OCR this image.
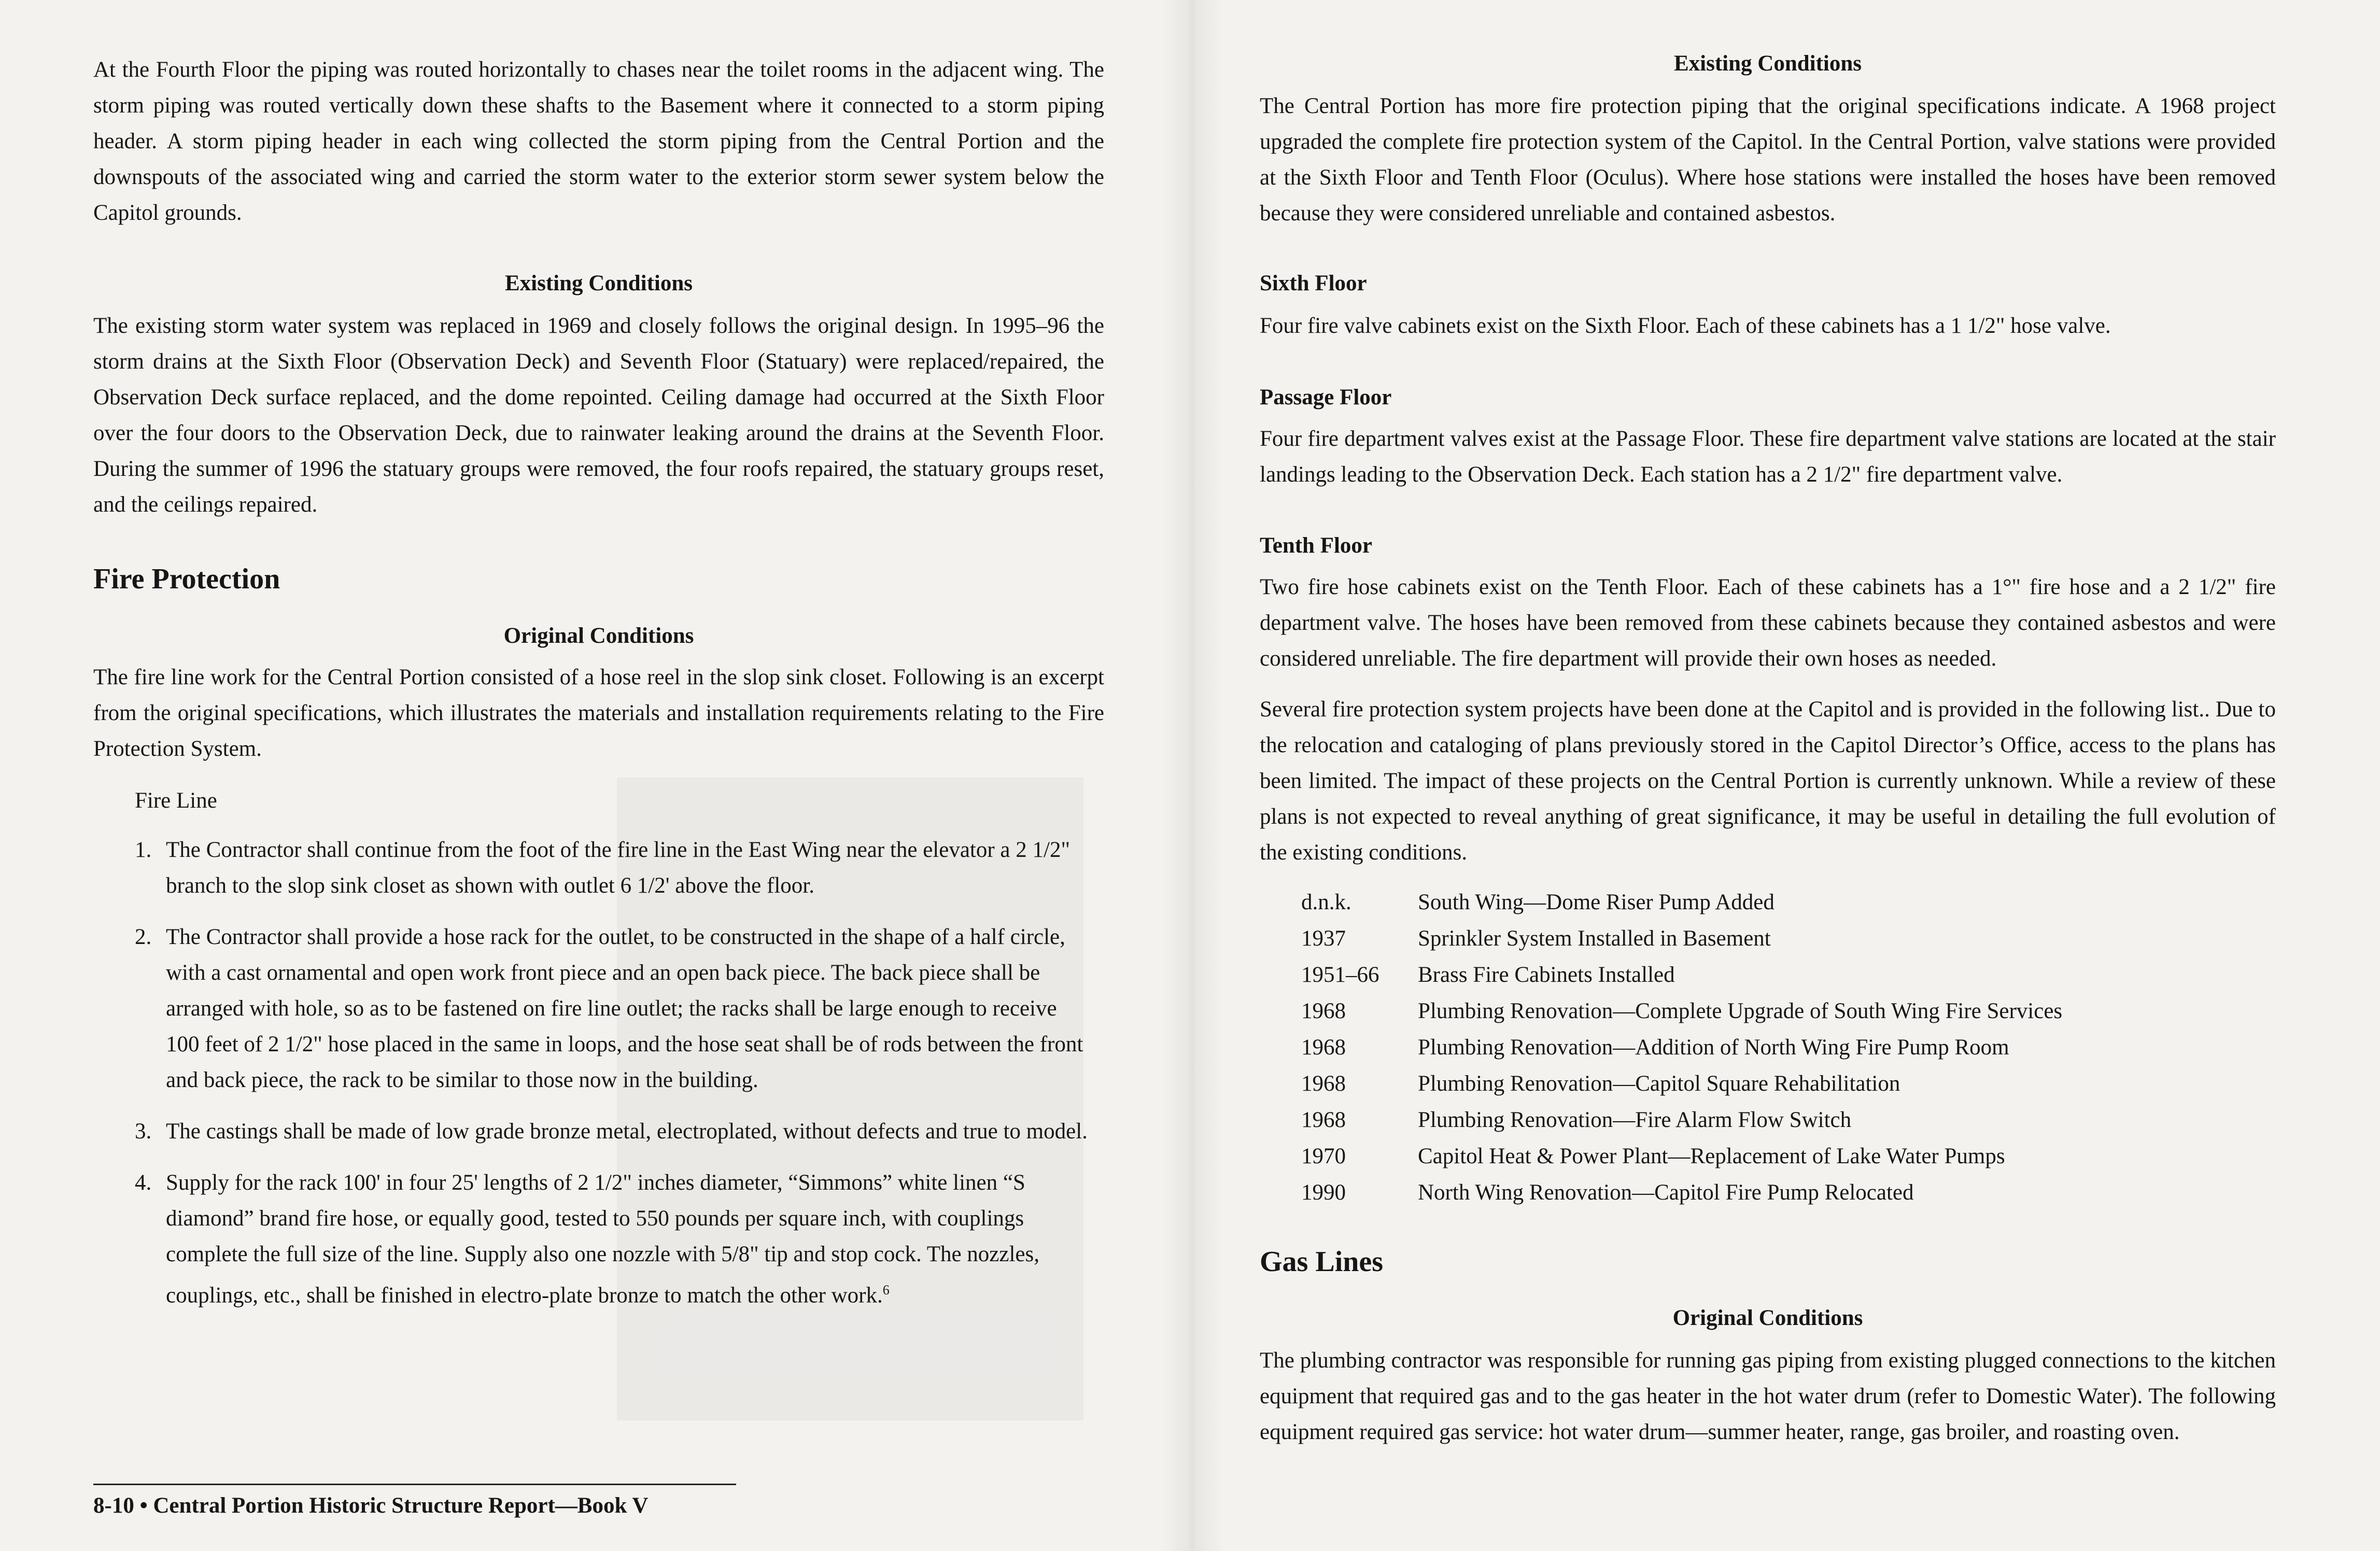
At the Fourth Floor the piping was routed horizontally to chases near the toilet rooms in the adjacent wing. The storm piping was routed vertically down these shafts to the Basement where it connected to a storm piping header. A storm piping header in each wing collected the storm piping from the Central Portion and the downspouts of the associated wing and carried the storm water to the exterior storm sewer system below the Capitol grounds.

Existing Conditions

The existing storm water system was replaced in 1969 and closely follows the original design. In 1995–96 the storm drains at the Sixth Floor (Observation Deck) and Seventh Floor (Statuary) were replaced/repaired, the Observation Deck surface replaced, and the dome repointed. Ceiling damage had occurred at the Sixth Floor over the four doors to the Observation Deck, due to rainwater leaking around the drains at the Seventh Floor. During the summer of 1996 the statuary groups were removed, the four roofs repaired, the statuary groups reset, and the ceilings repaired.

Fire Protection
Original Conditions

The fire line work for the Central Portion consisted of a hose reel in the slop sink closet. Following is an excerpt from the original specifications, which illustrates the materials and installation requirements relating to the Fire Protection System.

Fire Line
1. The Contractor shall continue from the foot of the fire line in the East Wing near the elevator a 2 1/2" branch to the slop sink closet as shown with outlet 6 1/2' above the floor.
2. The Contractor shall provide a hose rack for the outlet, to be constructed in the shape of a half circle, with a cast ornamental and open work front piece and an open back piece. The back piece shall be arranged with hole, so as to be fastened on fire line outlet; the racks shall be large enough to receive 100 feet of 2 1/2" hose placed in the same in loops, and the hose seat shall be of rods between the front and back piece, the rack to be similar to those now in the building.
3. The castings shall be made of low grade bronze metal, electroplated, without defects and true to model.
4. Supply for the rack 100' in four 25' lengths of 2 1/2" inches diameter, “Simmons” white linen “S diamond” brand fire hose, or equally good, tested to 550 pounds per square inch, with couplings complete the full size of the line. Supply also one nozzle with 5/8" tip and stop cock. The nozzles, couplings, etc., shall be finished in electro-plate bronze to match the other work.$^6$
8-10 • Central Portion Historic Structure Report—Book V
Existing Conditions

The Central Portion has more fire protection piping that the original specifications indicate. A 1968 project upgraded the complete fire protection system of the Capitol. In the Central Portion, valve stations were provided at the Sixth Floor and Tenth Floor (Oculus). Where hose stations were installed the hoses have been removed because they were considered unreliable and contained asbestos.

Sixth Floor

Four fire valve cabinets exist on the Sixth Floor. Each of these cabinets has a 1 1/2" hose valve.

Passage Floor

Four fire department valves exist at the Passage Floor. These fire department valve stations are located at the stair landings leading to the Observation Deck. Each station has a 2 1/2" fire department valve.

Tenth Floor

Two fire hose cabinets exist on the Tenth Floor. Each of these cabinets has a 1°" fire hose and a 2 1/2" fire department valve. The hoses have been removed from these cabinets because they contained asbestos and were considered unreliable. The fire department will provide their own hoses as needed.

Several fire protection system projects have been done at the Capitol and is provided in the following list.. Due to the relocation and cataloging of plans previously stored in the Capitol Director’s Office, access to the plans has been limited. The impact of these projects on the Central Portion is currently unknown. While a review of these plans is not expected to reveal anything of great significance, it may be useful in detailing the full evolution of the existing conditions.

d.n.k.	South Wing—Dome Riser Pump Added
1937	Sprinkler System Installed in Basement
1951–66	Brass Fire Cabinets Installed
1968	Plumbing Renovation—Complete Upgrade of South Wing Fire Services
1968	Plumbing Renovation—Addition of North Wing Fire Pump Room
1968	Plumbing Renovation—Capitol Square Rehabilitation
1968	Plumbing Renovation—Fire Alarm Flow Switch
1970	Capitol Heat & Power Plant—Replacement of Lake Water Pumps
1990	North Wing Renovation—Capitol Fire Pump Relocated
Gas Lines
Original Conditions

The plumbing contractor was responsible for running gas piping from existing plugged connections to the kitchen equipment that required gas and to the gas heater in the hot water drum (refer to Domestic Water). The following equipment required gas service: hot water drum—summer heater, range, gas broiler, and roasting oven.
